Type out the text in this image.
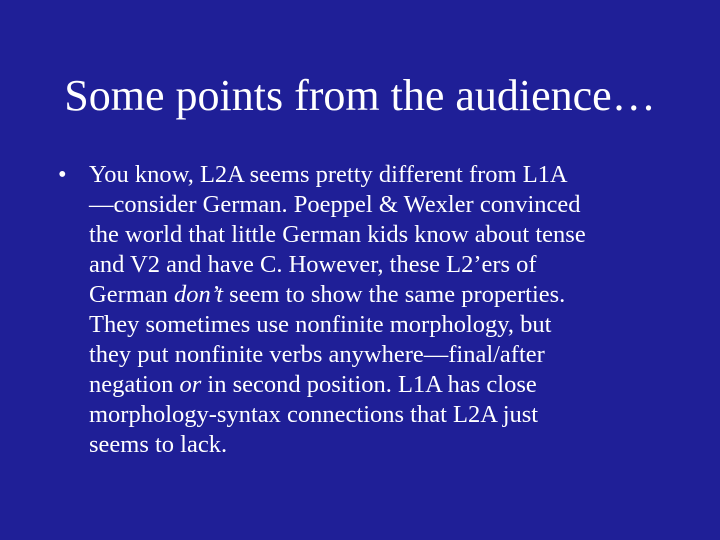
Some points from the audience…
• You know, L2A seems pretty different from L1A
—consider German. Poeppel & Wexler convinced
the world that little German kids know about tense
and V2 and have C. However, these L2’ers of
German don’t seem to show the same properties.
They sometimes use nonfinite morphology, but
they put nonfinite verbs anywhere—final/after
negation or in second position. L1A has close
morphology-syntax connections that L2A just
seems to lack.
